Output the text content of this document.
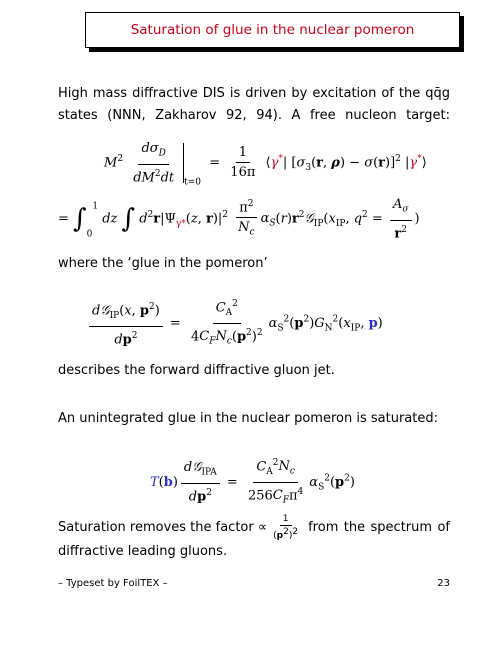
Saturation of glue in the nuclear pomeron
High mass diffractive DIS is driven by excitation of the qq̄g states (NNN, Zakharov 92, 94). A free nucleon target:
$M^2 \frac{d\sigma_D}{dM^2dt} _{t=0} = \frac{1}{16\pi}$ ⟨γ*| [$\sigma_3(r$, ρ) − σ(r)]$^2$ |γ*⟩
= $\int_0^1$ dz ∫ $d^2r|\Psi_{\gamma*}(z$, $r)|^2 \frac{\pi^2}{N_c}$ $\alpha_S(r)r^2𝒢_{IP}(x_{IP}$, $q^2 = \frac{A_\sigma}{r^2}$ )
where the ‘glue in the pomeron’
$\frac{d𝒢_{IP}(x, p^2)}{dp^2} = \frac{C_A^2}{4C_FN_c(p^2)^2} \alpha_S^2(p^2)G_N^2(x_{IP}$, p)
describes the forward diffractive gluon jet.
An unintegrated glue in the nuclear pomeron is saturated:
$T(b) \frac{d𝒢_{IPA}}{dp^2} = \frac{C_A^2N_c}{256C_F\pi^4} \alpha_S^2(p^2)$
Saturation removes the factor ∝ $\frac{1}{(p^2)^2}$ from the spectrum of
diffractive leading gluons.
– Typeset by FoilTEX –	23
